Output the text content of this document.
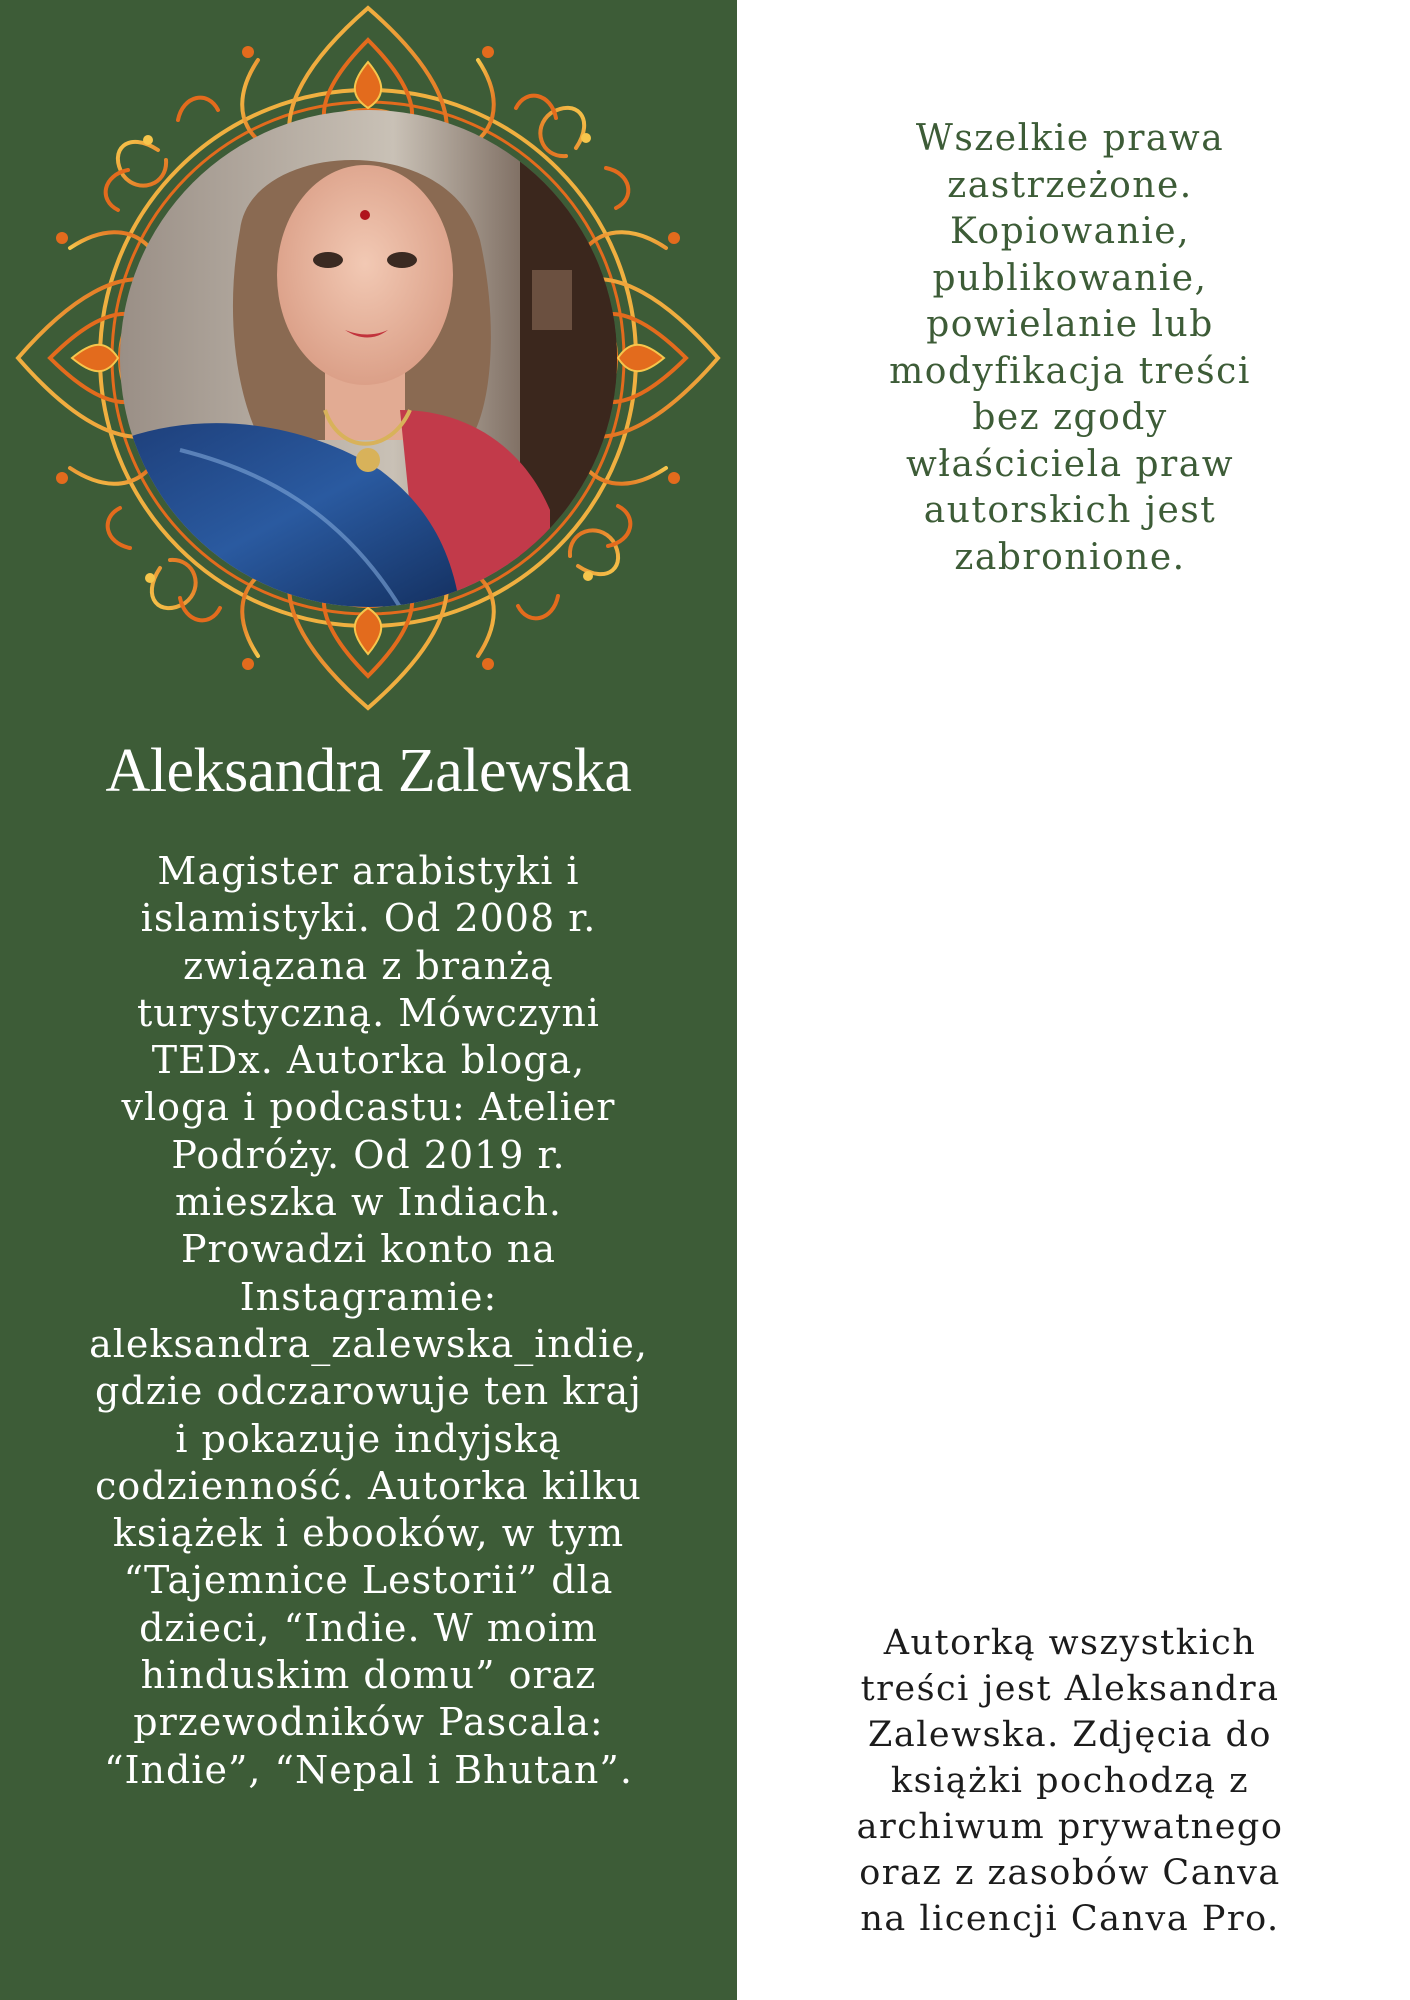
Aleksandra Zalewska
Magister arabistyki i
islamistyki. Od 2008 r.
związana z branżą
turystyczną. Mówczyni
TEDx. Autorka bloga,
vloga i podcastu: Atelier
Podróży. Od 2019 r.
mieszka w Indiach.
Prowadzi konto na
Instagramie:
aleksandra_zalewska_indie,
gdzie odczarowuje ten kraj
i pokazuje indyjską
codzienność. Autorka kilku
książek i ebooków, w tym
“Tajemnice Lestorii” dla
dzieci, “Indie. W moim
hinduskim domu” oraz
przewodników Pascala:
“Indie”, “Nepal i Bhutan”.
Wszelkie prawa
zastrzeżone.
Kopiowanie,
publikowanie,
powielanie lub
modyfikacja treści
bez zgody
właściciela praw
autorskich jest
zabronione.
Autorką wszystkich
treści jest Aleksandra
Zalewska. Zdjęcia do
książki pochodzą z
archiwum prywatnego
oraz z zasobów Canva
na licencji Canva Pro.
